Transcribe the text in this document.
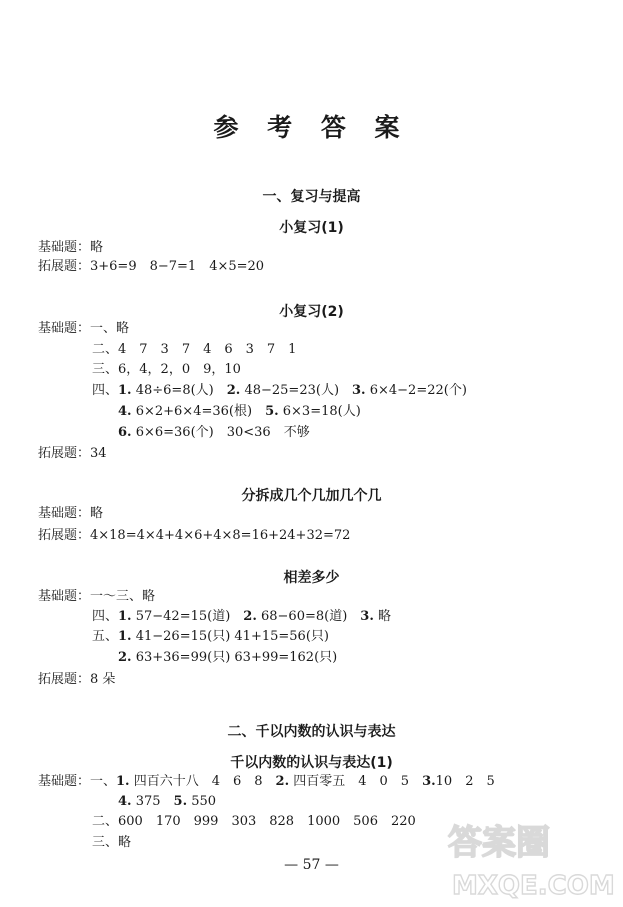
参 考 答 案
一、复习与提高
小复习(1)
基础题：略
拓展题：3+6=9　8−7=1　4×5=20
小复习(2)
基础题：一、略
二、4　7　3　7　4　6　3　7　1
三、6，4，2，0　9，10
四、1. 48÷6=8(人)　2. 48−25=23(人)　3. 6×4−2=22(个)
4. 6×2+6×4=36(根)　5. 6×3=18(人)
6. 6×6=36(个)　30<36　不够
拓展题：34
分拆成几个几加几个几
基础题：略
拓展题：4×18=4×4+4×6+4×8=16+24+32=72
相差多少
基础题：一～三、略
四、1. 57−42=15(道)　2. 68−60=8(道)　3. 略
五、1. 41−26=15(只) 41+15=56(只)
2. 63+36=99(只) 63+99=162(只)
拓展题：8 朵
二、千以内数的认识与表达
千以内数的认识与表达(1)
基础题：一、1. 四百六十八　4　6　8　2. 四百零五　4　0　5　3.10　2　5
4. 375　5. 550
二、600　170　999　303　828　1000　506　220
三、略
— 57 —
答案圈
MXQE.COM
